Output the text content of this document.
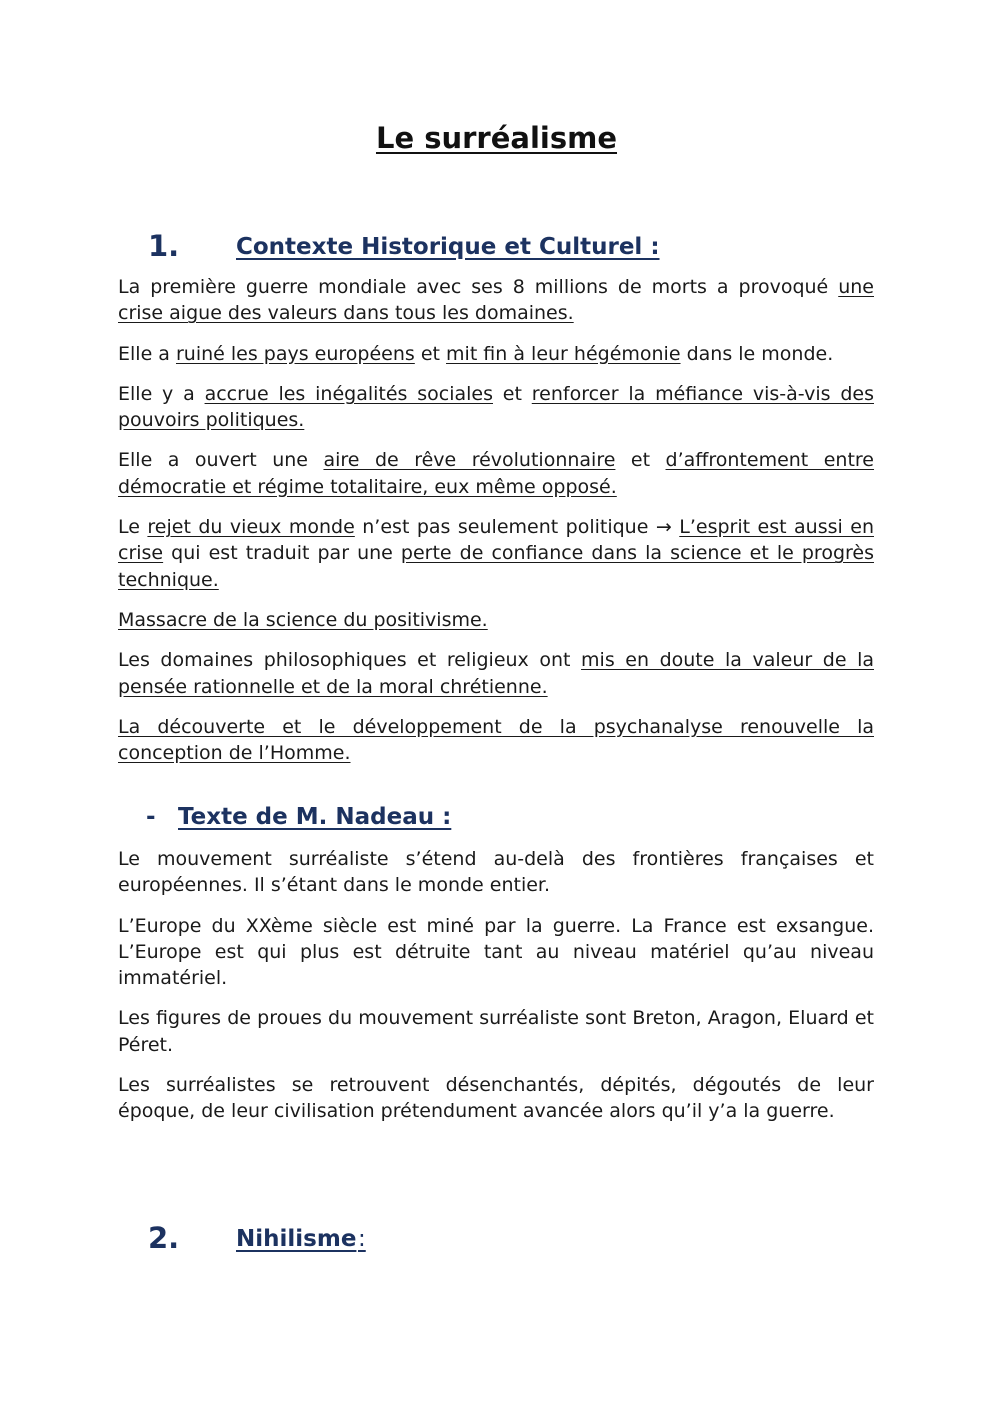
Le surréalisme
1. Contexte Historique et Culturel :

La première guerre mondiale avec ses 8 millions de morts a provoqué une crise aigue des valeurs dans tous les domaines.

Elle a ruiné les pays européens et mit fin à leur hégémonie dans le monde.

Elle y a accrue les inégalités sociales et renforcer la méfiance vis-à-vis des pouvoirs politiques.

Elle a ouvert une aire de rêve révolutionnaire et d’affrontement entre démocratie et régime totalitaire, eux même opposé.

Le rejet du vieux monde n’est pas seulement politique → L’esprit est aussi en crise qui est traduit par une perte de confiance dans la science et le progrès technique.

Massacre de la science du positivisme.

Les domaines philosophiques et religieux ont mis en doute la valeur de la pensée rationnelle et de la moral chrétienne.

La découverte et le développement de la psychanalyse renouvelle la conception de l’Homme.

- Texte de M. Nadeau :

Le mouvement surréaliste s’étend au-delà des frontières françaises et européennes. Il s’étant dans le monde entier.

L’Europe du XXème siècle est miné par la guerre. La France est exsangue. L’Europe est qui plus est détruite tant au niveau matériel qu’au niveau immatériel.

Les figures de proues du mouvement surréaliste sont Breton, Aragon, Eluard et Péret.

Les surréalistes se retrouvent désenchantés, dépités, dégoutés de leur époque, de leur civilisation prétendument avancée alors qu’il y’a la guerre.

2. Nihilisme :
